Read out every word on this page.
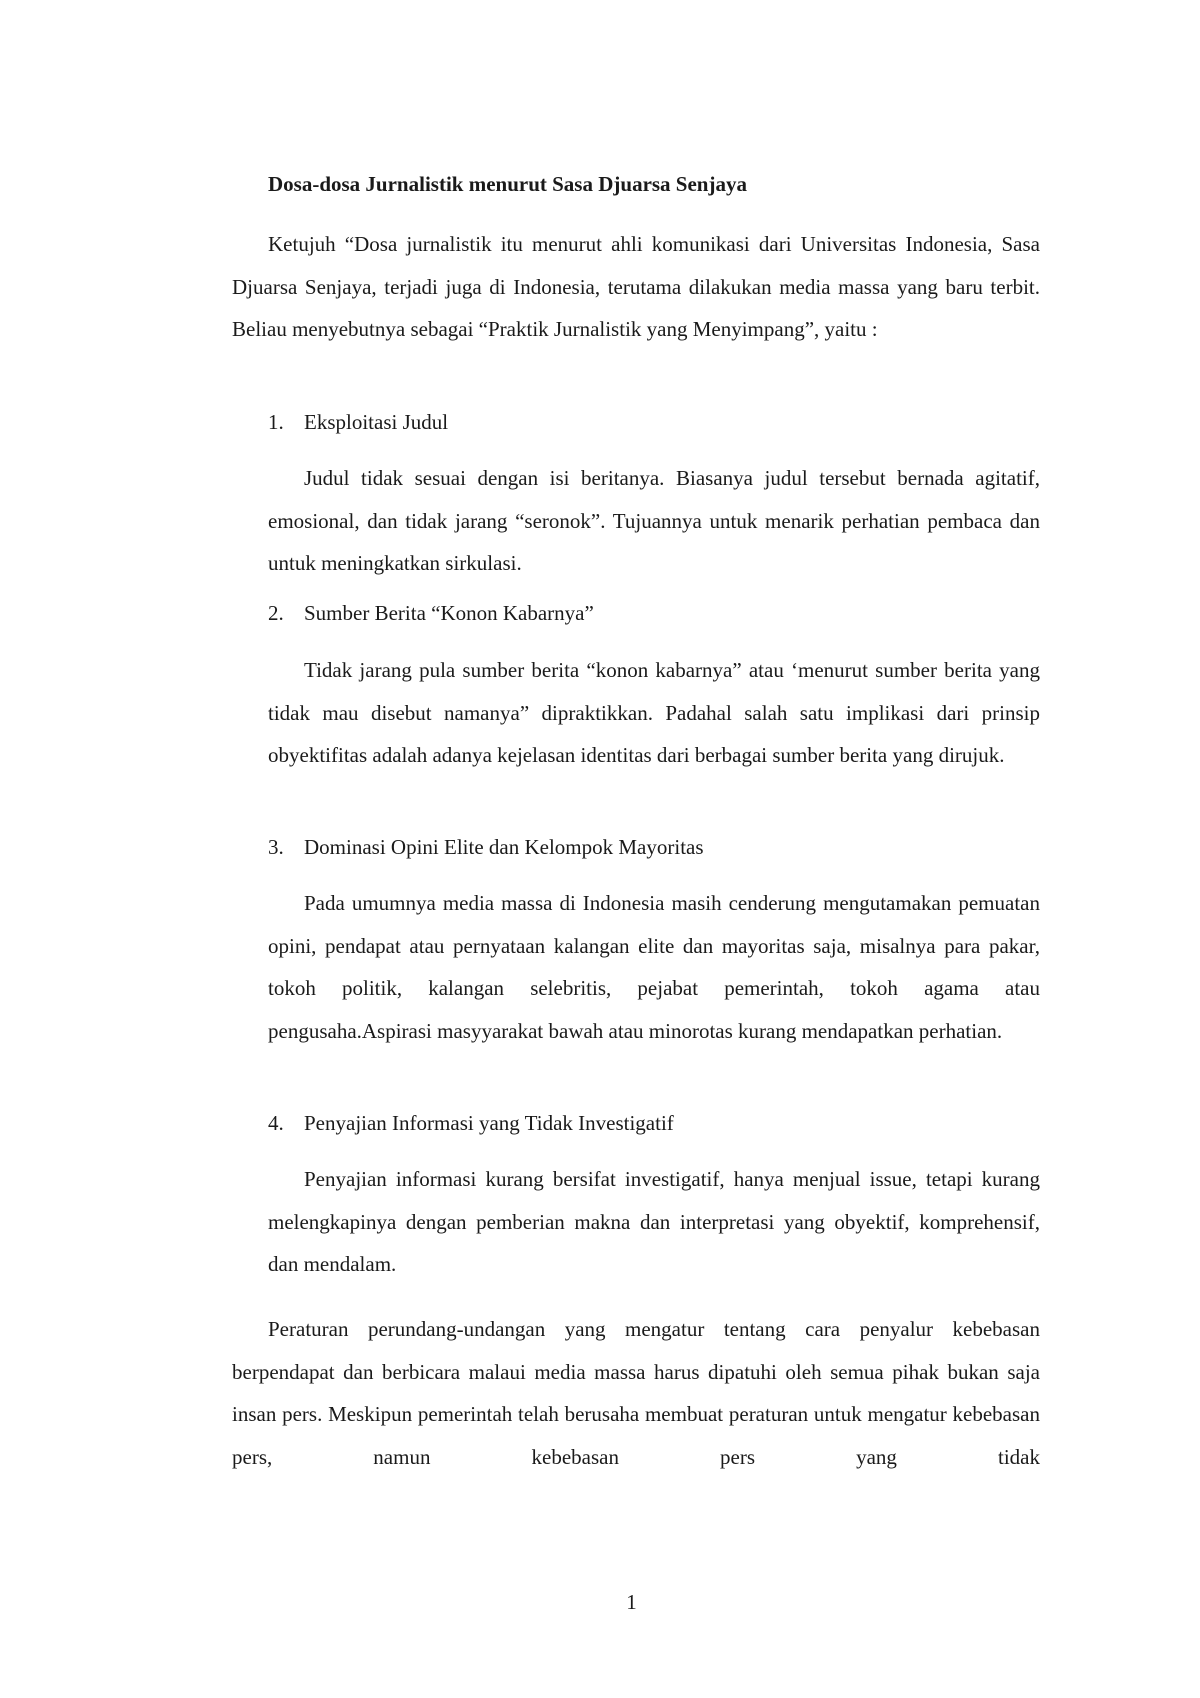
Dosa-dosa Jurnalistik menurut Sasa Djuarsa Senjaya

Ketujuh “Dosa jurnalistik itu menurut ahli komunikasi dari Universitas Indonesia, Sasa Djuarsa Senjaya, terjadi juga di Indonesia, terutama dilakukan media massa yang baru terbit. Beliau menyebutnya sebagai “Praktik Jurnalistik yang Menyimpang”, yaitu :

1. Eksploitasi Judul

Judul tidak sesuai dengan isi beritanya. Biasanya judul tersebut bernada agitatif, emosional, dan tidak jarang “seronok”. Tujuannya untuk menarik perhatian pembaca dan untuk meningkatkan sirkulasi.

2. Sumber Berita “Konon Kabarnya”

Tidak jarang pula sumber berita “konon kabarnya” atau ‘menurut sumber berita yang tidak mau disebut namanya” dipraktikkan. Padahal salah satu implikasi dari prinsip obyektifitas adalah adanya kejelasan identitas dari berbagai sumber berita yang dirujuk.

3. Dominasi Opini Elite dan Kelompok Mayoritas

Pada umumnya media massa di Indonesia masih cenderung mengutamakan pemuatan opini, pendapat atau pernyataan kalangan elite dan mayoritas saja, misalnya para pakar, tokoh politik, kalangan selebritis, pejabat pemerintah, tokoh agama atau pengusaha.Aspirasi masyyarakat bawah atau minorotas kurang mendapatkan perhatian.

4. Penyajian Informasi yang Tidak Investigatif

Penyajian informasi kurang bersifat investigatif, hanya menjual issue, tetapi kurang melengkapinya dengan pemberian makna dan interpretasi yang obyektif, komprehensif, dan mendalam.

Peraturan perundang-undangan yang mengatur tentang cara penyalur kebebasan berpendapat dan berbicara malaui media massa harus dipatuhi oleh semua pihak bukan saja insan pers. Meskipun pemerintah telah berusaha membuat peraturan untuk mengatur kebebasan pers, namun kebebasan pers yang tidak

1
